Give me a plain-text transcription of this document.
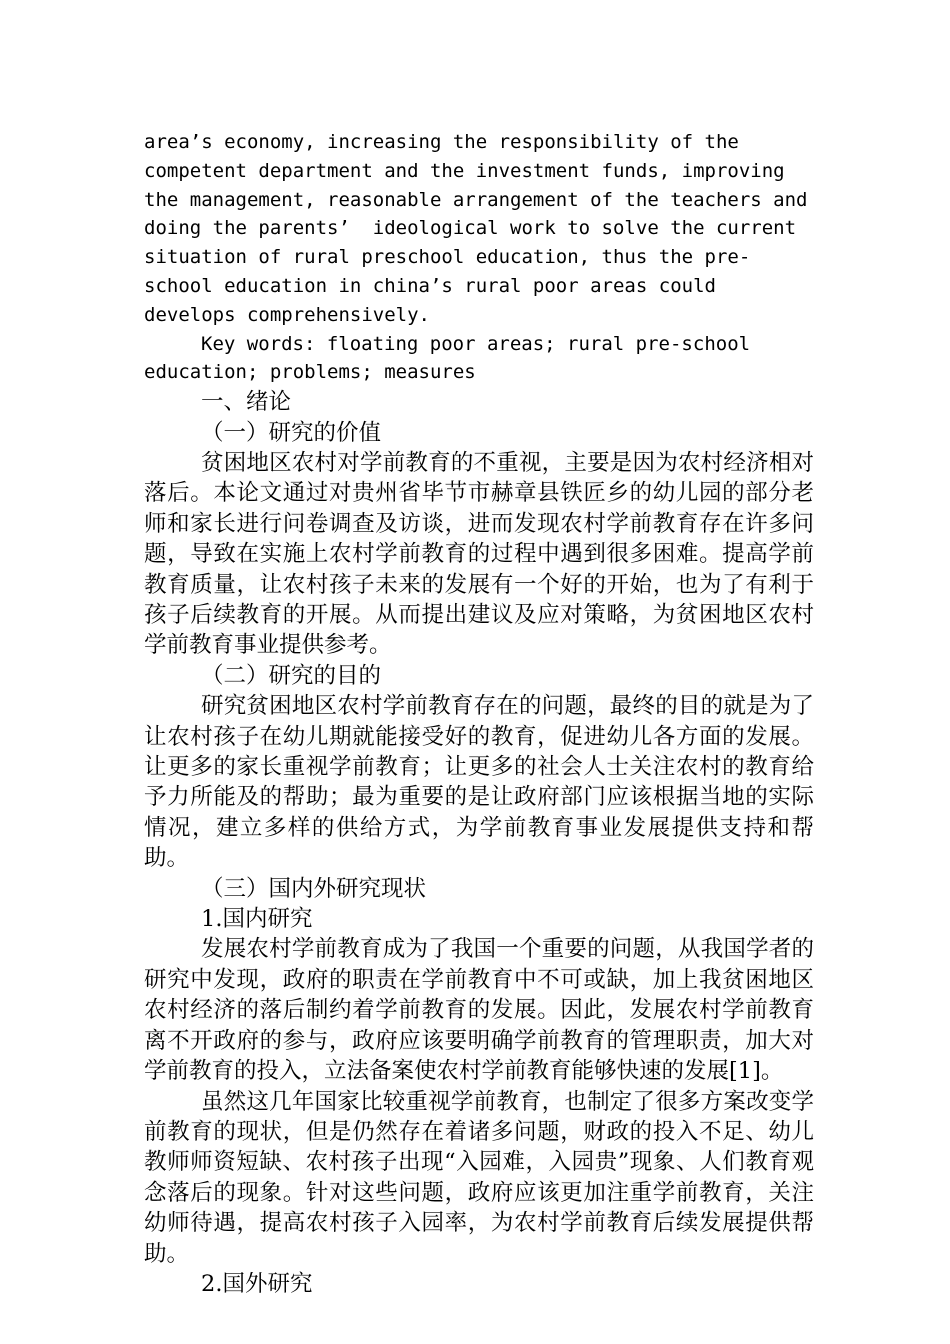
area’s economy, increasing the responsibility of the competent department and the investment funds, improving the management, reasonable arrangement of the teachers and doing the parents’  ideological work to solve the current situation of rural preschool education, thus the pre-school education in china’s rural poor areas could develops comprehensively.

Key words: floating poor areas; rural pre-school education; problems; measures

一、绪论

（一）研究的价值

贫困地区农村对学前教育的不重视，主要是因为农村经济相对落后。本论文通过对贵州省毕节市赫章县铁匠乡的幼儿园的部分老师和家长进行问卷调查及访谈，进而发现农村学前教育存在许多问题，导致在实施上农村学前教育的过程中遇到很多困难。提高学前教育质量，让农村孩子未来的发展有一个好的开始，也为了有利于孩子后续教育的开展。从而提出建议及应对策略，为贫困地区农村学前教育事业提供参考。

（二）研究的目的

研究贫困地区农村学前教育存在的问题，最终的目的就是为了让农村孩子在幼儿期就能接受好的教育，促进幼儿各方面的发展。让更多的家长重视学前教育；让更多的社会人士关注农村的教育给予力所能及的帮助；最为重要的是让政府部门应该根据当地的实际情况，建立多样的供给方式，为学前教育事业发展提供支持和帮助。

（三）国内外研究现状

1.国内研究

发展农村学前教育成为了我国一个重要的问题，从我国学者的研究中发现，政府的职责在学前教育中不可或缺，加上我贫困地区农村经济的落后制约着学前教育的发展。因此，发展农村学前教育离不开政府的参与，政府应该要明确学前教育的管理职责，加大对学前教育的投入，立法备案使农村学前教育能够快速的发展[1]。

虽然这几年国家比较重视学前教育，也制定了很多方案改变学前教育的现状，但是仍然存在着诸多问题，财政的投入不足、幼儿教师师资短缺、农村孩子出现“入园难，入园贵”现象、人们教育观念落后的现象。针对这些问题，政府应该更加注重学前教育，关注幼师待遇，提高农村孩子入园率，为农村学前教育后续发展提供帮助。

2.国外研究
